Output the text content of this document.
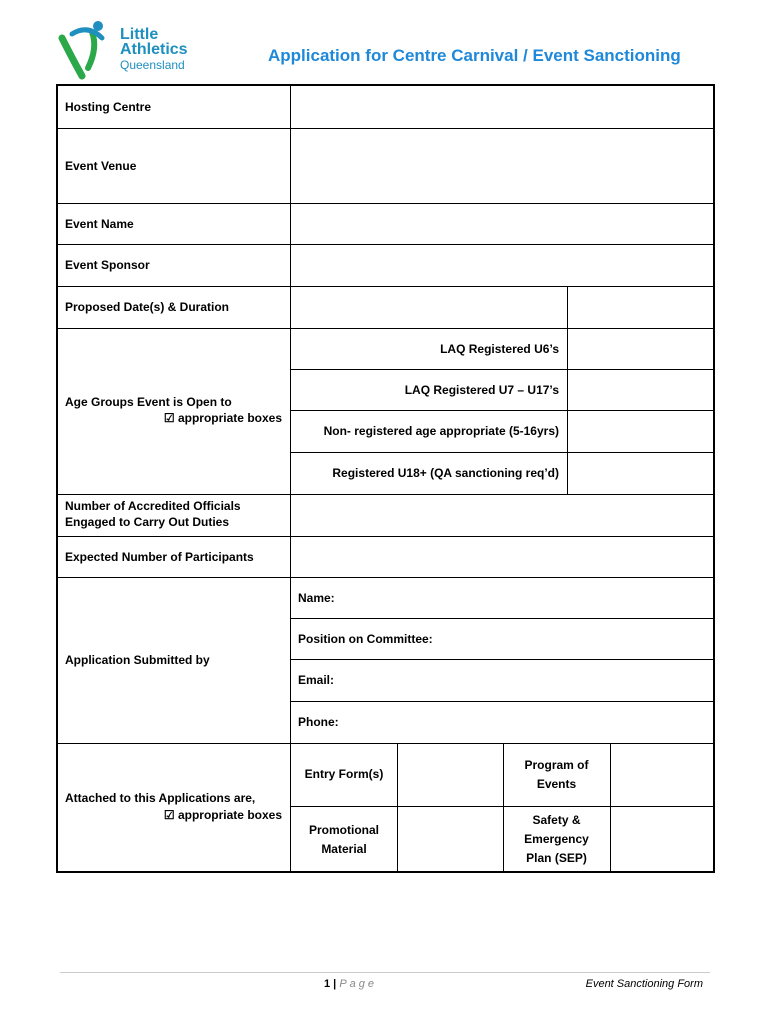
Little
Athletics
Queensland	Application for Centre Carnival / Event Sanctioning
Hosting Centre
Event Venue
Event Name
Event Sponsor
Proposed Date(s) & Duration
Age Groups Event is Open to
☑ appropriate boxes
LAQ Registered U6’s
LAQ Registered U7 – U17’s
Non- registered age appropriate (5-16yrs)
Registered U18+ (QA sanctioning req’d)
Number of Accredited Officials
Engaged to Carry Out Duties
Expected Number of Participants
Application Submitted by
Name:
Position on Committee:
Email:
Phone:
Attached to this Applications are,
☑ appropriate boxes
Entry Form(s)
Program of
Events
Promotional
Material
Safety &
Emergency
Plan (SEP)
1 | Page	Event Sanctioning Form
